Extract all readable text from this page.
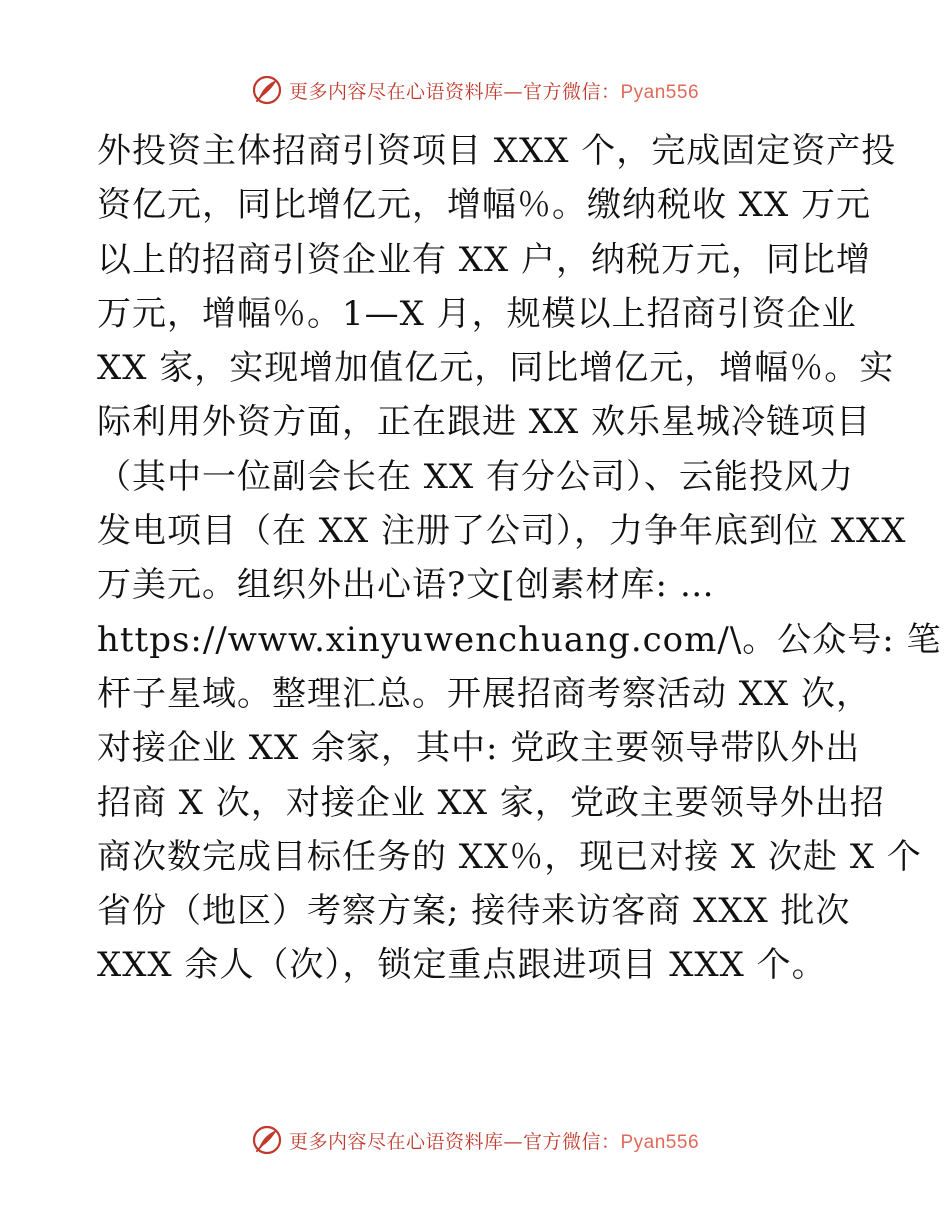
更多内容尽在心语资料库—官方微信：Pyan556
外投资主体招商引资项目 XXX 个，完成固定资产投
资亿元，同比增亿元，增幅％。缴纳税收 XX 万元
以上的招商引资企业有 XX 户，纳税万元，同比增
万元，增幅％。1—X 月，规模以上招商引资企业
XX 家，实现增加值亿元，同比增亿元，增幅％。实
际利用外资方面，正在跟进 XX 欢乐星城冷链项目
（其中一位副会长在 XX 有分公司）、云能投风力
发电项目（在 XX 注册了公司），力争年底到位 XXX
万美元。组织外出心语?文[创素材库: …
https://www.xinyuwenchuang.com/\。公众号: 笔
杆子星域。整理汇总。开展招商考察活动 XX 次，
对接企业 XX 余家，其中: 党政主要领导带队外出
招商 X 次，对接企业 XX 家，党政主要领导外出招
商次数完成目标任务的 XX％，现已对接 X 次赴 X 个
省份（地区）考察方案; 接待来访客商 XXX 批次
XXX 余人（次），锁定重点跟进项目 XXX 个。
更多内容尽在心语资料库—官方微信：Pyan556
